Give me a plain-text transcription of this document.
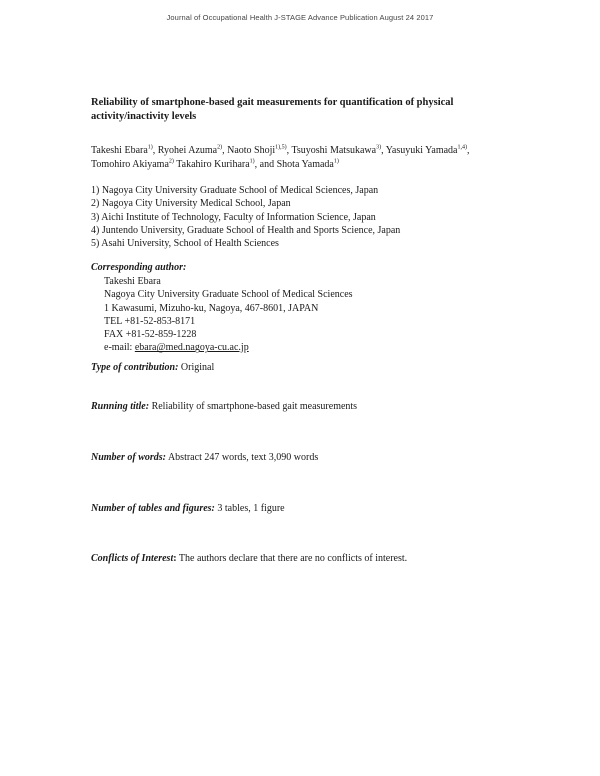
Journal of Occupational Health J-STAGE Advance Publication August 24 2017
Reliability of smartphone-based gait measurements for quantification of physical activity/inactivity levels
Takeshi Ebara$^{1)}$, Ryohei Azuma$^{2)}$, Naoto Shoji$^{1),5)}$, Tsuyoshi Matsukawa$^{3)}$, Yasuyuki Yamada$^{1,4)}$, Tomohiro Akiyama$^{2)}$ Takahiro Kurihara$^{1)}$, and Shota Yamada$^{1)}$
1) Nagoya City University Graduate School of Medical Sciences, Japan
2) Nagoya City University Medical School, Japan
3) Aichi Institute of Technology, Faculty of Information Science, Japan
4) Juntendo University, Graduate School of Health and Sports Science, Japan
5) Asahi University, School of Health Sciences
Corresponding author:
Takeshi Ebara
Nagoya City University Graduate School of Medical Sciences
1 Kawasumi, Mizuho-ku, Nagoya, 467-8601, JAPAN
TEL +81-52-853-8171
FAX +81-52-859-1228
e-mail: ebara@med.nagoya-cu.ac.jp
Type of contribution: Original
Running title: Reliability of smartphone-based gait measurements
Number of words: Abstract 247 words, text 3,090 words
Number of tables and figures: 3 tables, 1 figure
Conflicts of Interest: The authors declare that there are no conflicts of interest.
